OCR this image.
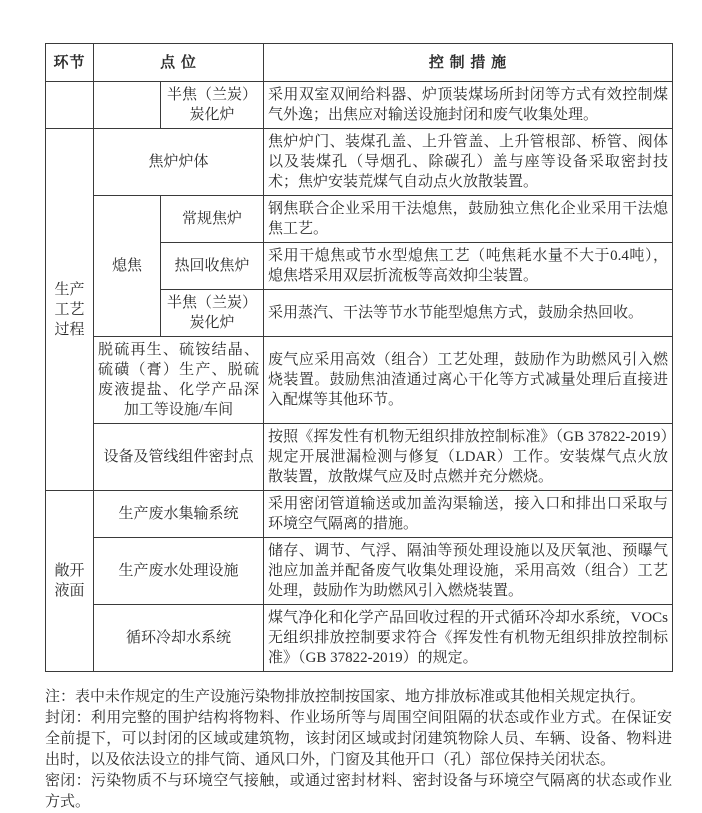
环节	点 位		控 制 措 施
		半焦（兰炭）炭化炉	采用双室双闸给料器、炉顶装煤场所封闭等方式有效控制煤气外逸；出焦应对输送设施封闭和废气收集处理。
生产工艺过程	焦炉炉体		焦炉炉门、装煤孔盖、上升管盖、上升管根部、桥管、阀体以及装煤孔（导烟孔、除碳孔）盖与座等设备采取密封技术；焦炉安装荒煤气自动点火放散装置。
	熄焦	常规焦炉	钢焦联合企业采用干法熄焦，鼓励独立焦化企业采用干法熄焦工艺。
		热回收焦炉	采用干熄焦或节水型熄焦工艺（吨焦耗水量不大于0.4吨），熄焦塔采用双层折流板等高效抑尘装置。
		半焦（兰炭）炭化炉	采用蒸汽、干法等节水节能型熄焦方式，鼓励余热回收。
	脱硫再生、硫铵结晶、硫磺（膏）生产、脱硫废液提盐、化学产品深加工等设施/车间		废气应采用高效（组合）工艺处理，鼓励作为助燃风引入燃烧装置。鼓励焦油渣通过离心干化等方式减量处理后直接进入配煤等其他环节。
	设备及管线组件密封点		按照《挥发性有机物无组织排放控制标准》（GB 37822-2019）规定开展泄漏检测与修复（LDAR）工作。安装煤气点火放散装置，放散煤气应及时点燃并充分燃烧。
敞开液面	生产废水集输系统		采用密闭管道输送或加盖沟渠输送，接入口和排出口采取与环境空气隔离的措施。
	生产废水处理设施		储存、调节、气浮、隔油等预处理设施以及厌氧池、预曝气池应加盖并配备废气收集处理设施，采用高效（组合）工艺处理，鼓励作为助燃风引入燃烧装置。
	循环冷却水系统		煤气净化和化学产品回收过程的开式循环冷却水系统，VOCs无组织排放控制要求符合《挥发性有机物无组织排放控制标准》（GB 37822-2019）的规定。

注：表中未作规定的生产设施污染物排放控制按国家、地方排放标准或其他相关规定执行。

封闭：利用完整的围护结构将物料、作业场所等与周围空间阻隔的状态或作业方式。在保证安全前提下，可以封闭的区域或建筑物，该封闭区域或封闭建筑物除人员、车辆、设备、物料进出时，以及依法设立的排气筒、通风口外，门窗及其他开口（孔）部位保持关闭状态。

密闭：污染物质不与环境空气接触，或通过密封材料、密封设备与环境空气隔离的状态或作业方式。
